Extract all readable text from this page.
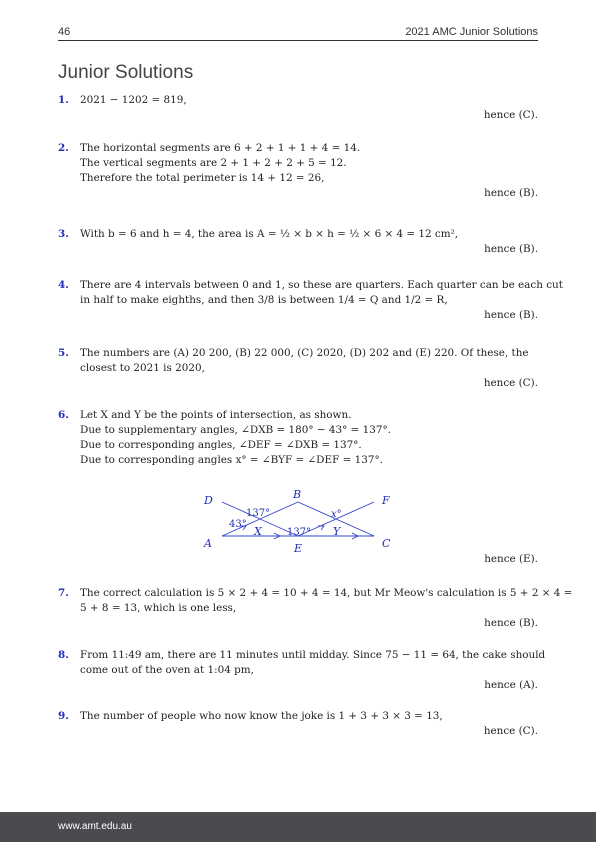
46	2021 AMC Junior Solutions
Junior Solutions
1. 2021 − 1202 = 819,
hence (C).
2. The horizontal segments are 6 + 2 + 1 + 1 + 4 = 14.
The vertical segments are 2 + 1 + 2 + 2 + 5 = 12.
Therefore the total perimeter is 14 + 12 = 26,
hence (B).
3. With b = 6 and h = 4, the area is A = ½ × b × h = ½ × 6 × 4 = 12 cm²,
hence (B).
4. There are 4 intervals between 0 and 1, so these are quarters. Each quarter can be each cut
in half to make eighths, and then 3/8 is between 1/4 = Q and 1/2 = R,
hence (B).
5. The numbers are (A) 20 200, (B) 22 000, (C) 2020, (D) 202 and (E) 220. Of these, the
closest to 2021 is 2020,
hence (C).
6. Let X and Y be the points of intersection, as shown.
Due to supplementary angles, ∠DXB = 180° − 43° = 137°.
Due to corresponding angles, ∠DEF = ∠DXB = 137°.
Due to corresponding angles x° = ∠BYF = ∠DEF = 137°.
D	B	F
A
X	Y
E	C
137°
43°
137°
x°
hence (E).
7. The correct calculation is 5 × 2 + 4 = 10 + 4 = 14, but Mr Meow's calculation is 5 + 2 × 4 =
5 + 8 = 13, which is one less,
hence (B).
8. From 11:49 am, there are 11 minutes until midday. Since 75 − 11 = 64, the cake should
come out of the oven at 1:04 pm,
hence (A).
9. The number of people who now know the joke is 1 + 3 + 3 × 3 = 13,
hence (C).
www.amt.edu.au
